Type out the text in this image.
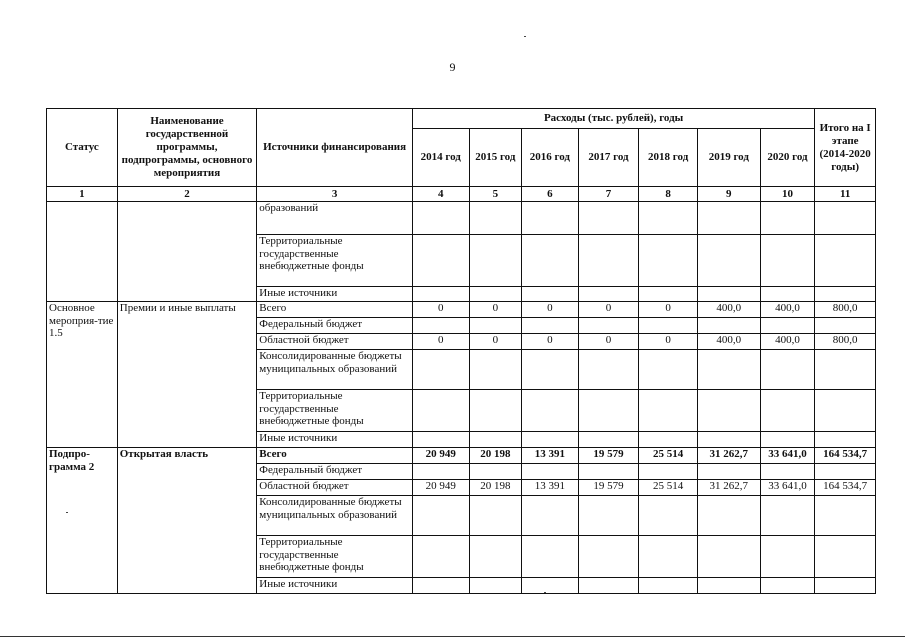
9
Статус	Наименование государственной программы, подпрограммы, основного мероприятия	Источники финансирования	Расходы (тыс. рублей), годы							Итого на I этапе (2014-2020 годы)
			2014 год	2015 год	2016 год	2017 год	2018 год	2019 год	2020 год	
1	2	3	4	5	6	7	8	9	10	11
		образований								
		Территориальные государственные внебюджетные фонды								
		Иные источники								
Основное мероприя-тие 1.5	Премии и иные выплаты	Всего	0	0	0	0	0	400,0	400,0	800,0
		Федеральный бюджет								
		Областной бюджет	0	0	0	0	0	400,0	400,0	800,0
		Консолидированные бюджеты муниципальных образований								
		Территориальные государственные внебюджетные фонды								
		Иные источники								
Подпро-грамма 2	Открытая власть	Всего	20 949	20 198	13 391	19 579	25 514	31 262,7	33 641,0	164 534,7
		Федеральный бюджет								
		Областной бюджет	20 949	20 198	13 391	19 579	25 514	31 262,7	33 641,0	164 534,7
		Консолидированные бюджеты муниципальных образований								
		Территориальные государственные внебюджетные фонды								
		Иные источники								
